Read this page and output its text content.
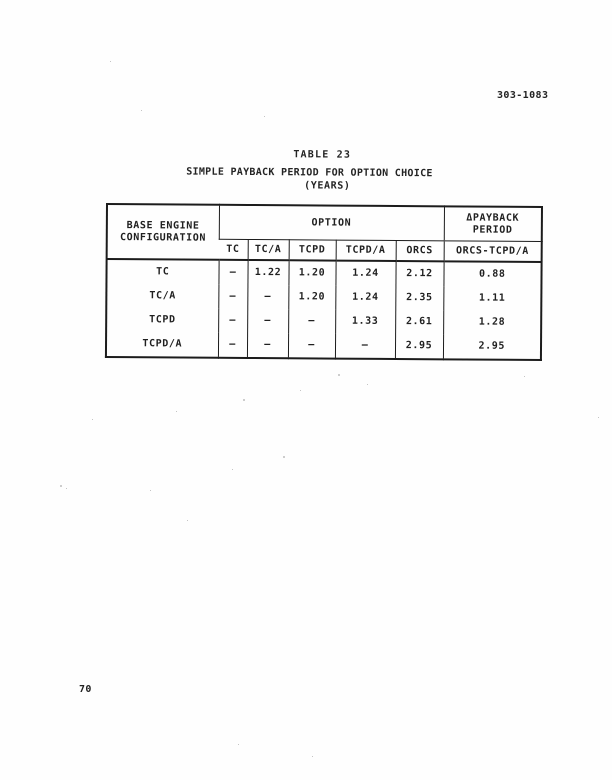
303-1083
TABLE 23
SIMPLE PAYBACK PERIOD FOR OPTION CHOICE
(YEARS)
BASE ENGINE
CONFIGURATION	OPTION					ΔPAYBACK
PERIOD

	TC	TC/A	TCPD	TCPD/A	ORCS	ORCS-TCPD/A
TC	–	1.22	1.20	1.24	2.12	0.88
TC/A	–	–	1.20	1.24	2.35	1.11
TCPD	–	–	–	1.33	2.61	1.28
TCPD/A	–	–	–	–	2.95	2.95
70
